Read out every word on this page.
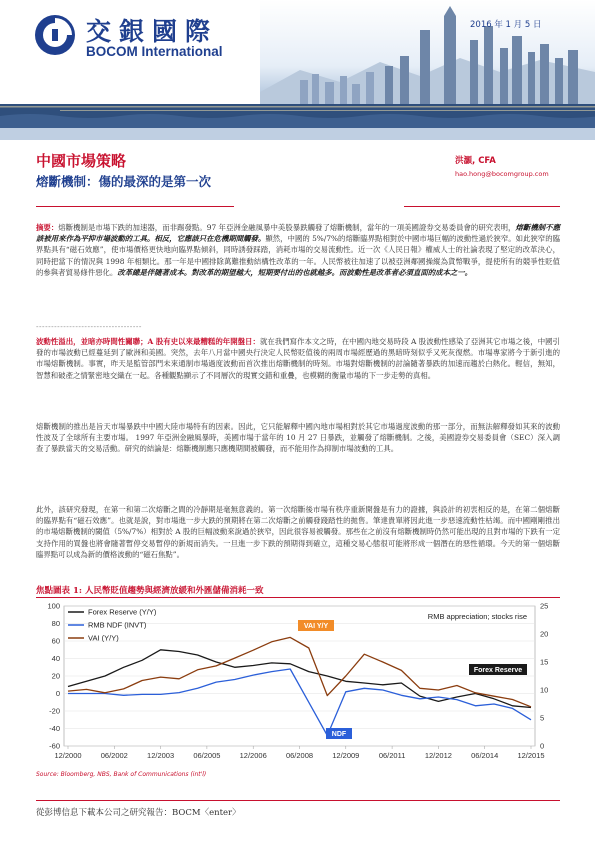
交銀國際
BOCOM International
2016 年 1 月 5 日
中國市場策略
熔斷機制：傷的最深的是第一次
洪灝, CFA
hao.hong@bocomgroup.com
摘要：熔斷機制是市場下跌的加速器，而非踢發點。97 年亞洲金融風暴中美股暴跌觸發了熔斷機制，當年的一項美國證券交易委員會的研究表明，熔斷機制不應該被用來作為平抑市場波動的工具。相反，它應該只在危機期間觸發。顯然，中國的 5%/7%的熔斷臨界點相對於中國市場巨幅的波動性過於狹窄。如此狹窄的臨界點具有“磁石效應”，使市場價格更快地向臨界點傾斜，同時誘發踩踏，消耗市場的交易流動性。近一次《人民日報》權威人士的社論表現了堅定的改革決心，同時把當下的情況與 1998 年相類比。那一年是中國排除萬難推動結構性改革的一年。人民幣被往加速了以被亞洲鄰國操縱為貨幣戰爭，提使所有的競爭性貶值的參與者貿易條件惡化。改革總是伴隨著成本。對改革的期望越大，短期要付出的也就越多。而波動性是改革者必須直面的成本之一。
-----------------------------------
波動性溢出，並暗亦時間性關聯；A 股有史以來最糟糕的年開盤日：就在我們寫作本文之時，在中國內地交易時段 A 股波動性感染了亞洲其它市場之後，中國引發的市場波動已經蔓延到了歐洲和美國。突然，去年八月當中國央行決定人民幣貶值後的兩周市場經歷過的黑暗時刻似乎又死灰復燃。市場專家將今于新引進的市場熔斷機制。事實，昨天是監管部門未來通制市場過度波動而首次推出熔斷機制的時刻。市場對熔斷機制的討論隨著暴跌的加速而趨於白熱化。輕信，無知，智慧和破產之情緊密地交織在一起。各種觀點顯示了不同層次的現實交錯和重疊，也模糊的衡量市場的下一步走勢的真相。
熔斷機制的推出是旨天市場暴跌中中國大陸市場特有的因素。因此，它只能解釋中國內地市場相對於其它市場過度波動的那一部分，而無法解釋發如其來的波動性波及了全球所有主要市場。 1997 年亞洲金融風暴時，美國市場于當年的 10 月 27 日暴跌，並觸發了熔斷機制。之後，美國證券交易委員會（SEC）深入調查了暴跌當天的交易活動。研究的結論是：熔斷機制應只應機期間被觸發，而不能用作為抑制市場波動的工具。
此外，該研究發現，在第一和第二次熔斷之間的冷靜期是毫無意義的。第一次熔斷後市場有秩序重新開盤是有力的證據，與設計的初衷相反的是，在第二個熔斷的臨界點有“磁石效應”。也就是說，對市場進一步大跌的預期將在第二次熔斷之前觸發踐踏性的拋售。筆達貴單將因此進一步惡速流動性枯竭。而中國剛剛推出的市場熔斷機制的閾值（5%/7%）相對於 A 股的巨幅波動來說過於狹窄，因此很容易被觸發。那些在之前沒有熔斷機制時仍然可能出現的且對市場的下跌有一定支持作用的買盤也將會隨著暫停交易暫停的新規而消失。一旦進一步下跌的預期得到確立，這種交易心態很可能將形成一個潛在的惡性循環。今天的第一個熔斷臨界點可以成為新的價格波動的“磁石焦點”。
焦點圖表 1: 人民幣貶值趨勢與經濟放緩和外匯儲備消耗一致
100
80
60
40
20
0
-20
-40
-60
25
20
15
10
5
0
12/2000	06/2002	12/2003	06/2005	12/2006	06/2008	12/2009	06/2011	12/2012	06/2014	12/2015
Forex Reserve (Y/Y)
RMB NDF (INVT)
VAI (Y/Y)
VAI Y/Y
Forex Reserve
NDF
RMB appreciation; stocks rise
Source: Bloomberg, NBS, Bank of Communications (int'l)
從彭博信息下載本公司之研究報告：BOCM〈enter〉
